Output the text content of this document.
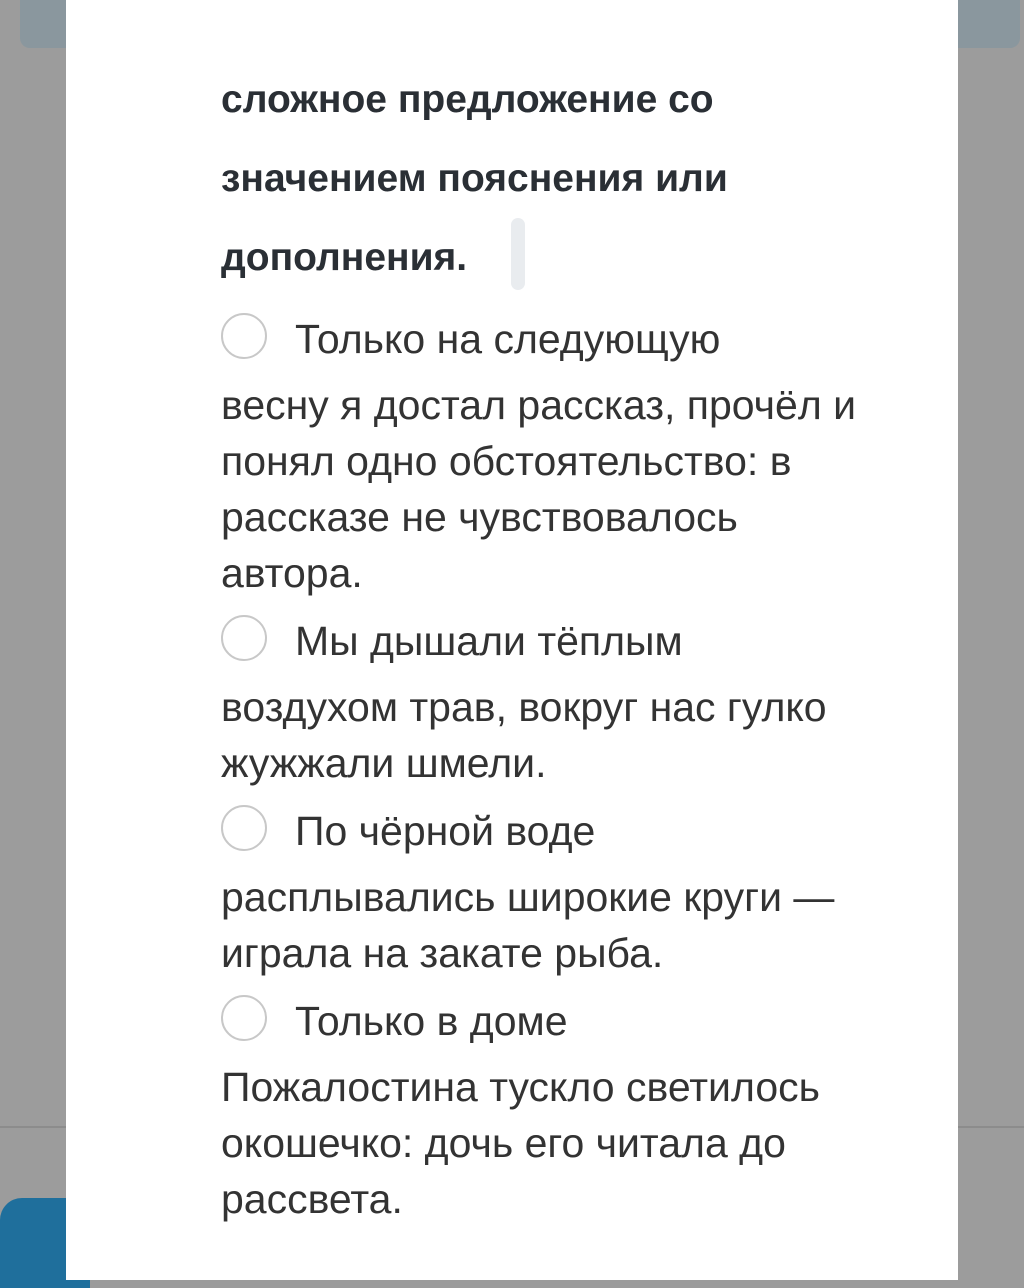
сложное предложение со значением пояснения или дополнения.

Только на следующую
весну я достал рассказ, прочёл и понял одно обстоятельство: в рассказе не чувствовалось автора.

Мы дышали тёплым
воздухом трав, вокруг нас гулко жужжали шмели.

По чёрной воде
расплывались широкие круги — играла на закате рыба.

Только в доме
Пожалостина тускло светилось окошечко: дочь его читала до рассвета.
